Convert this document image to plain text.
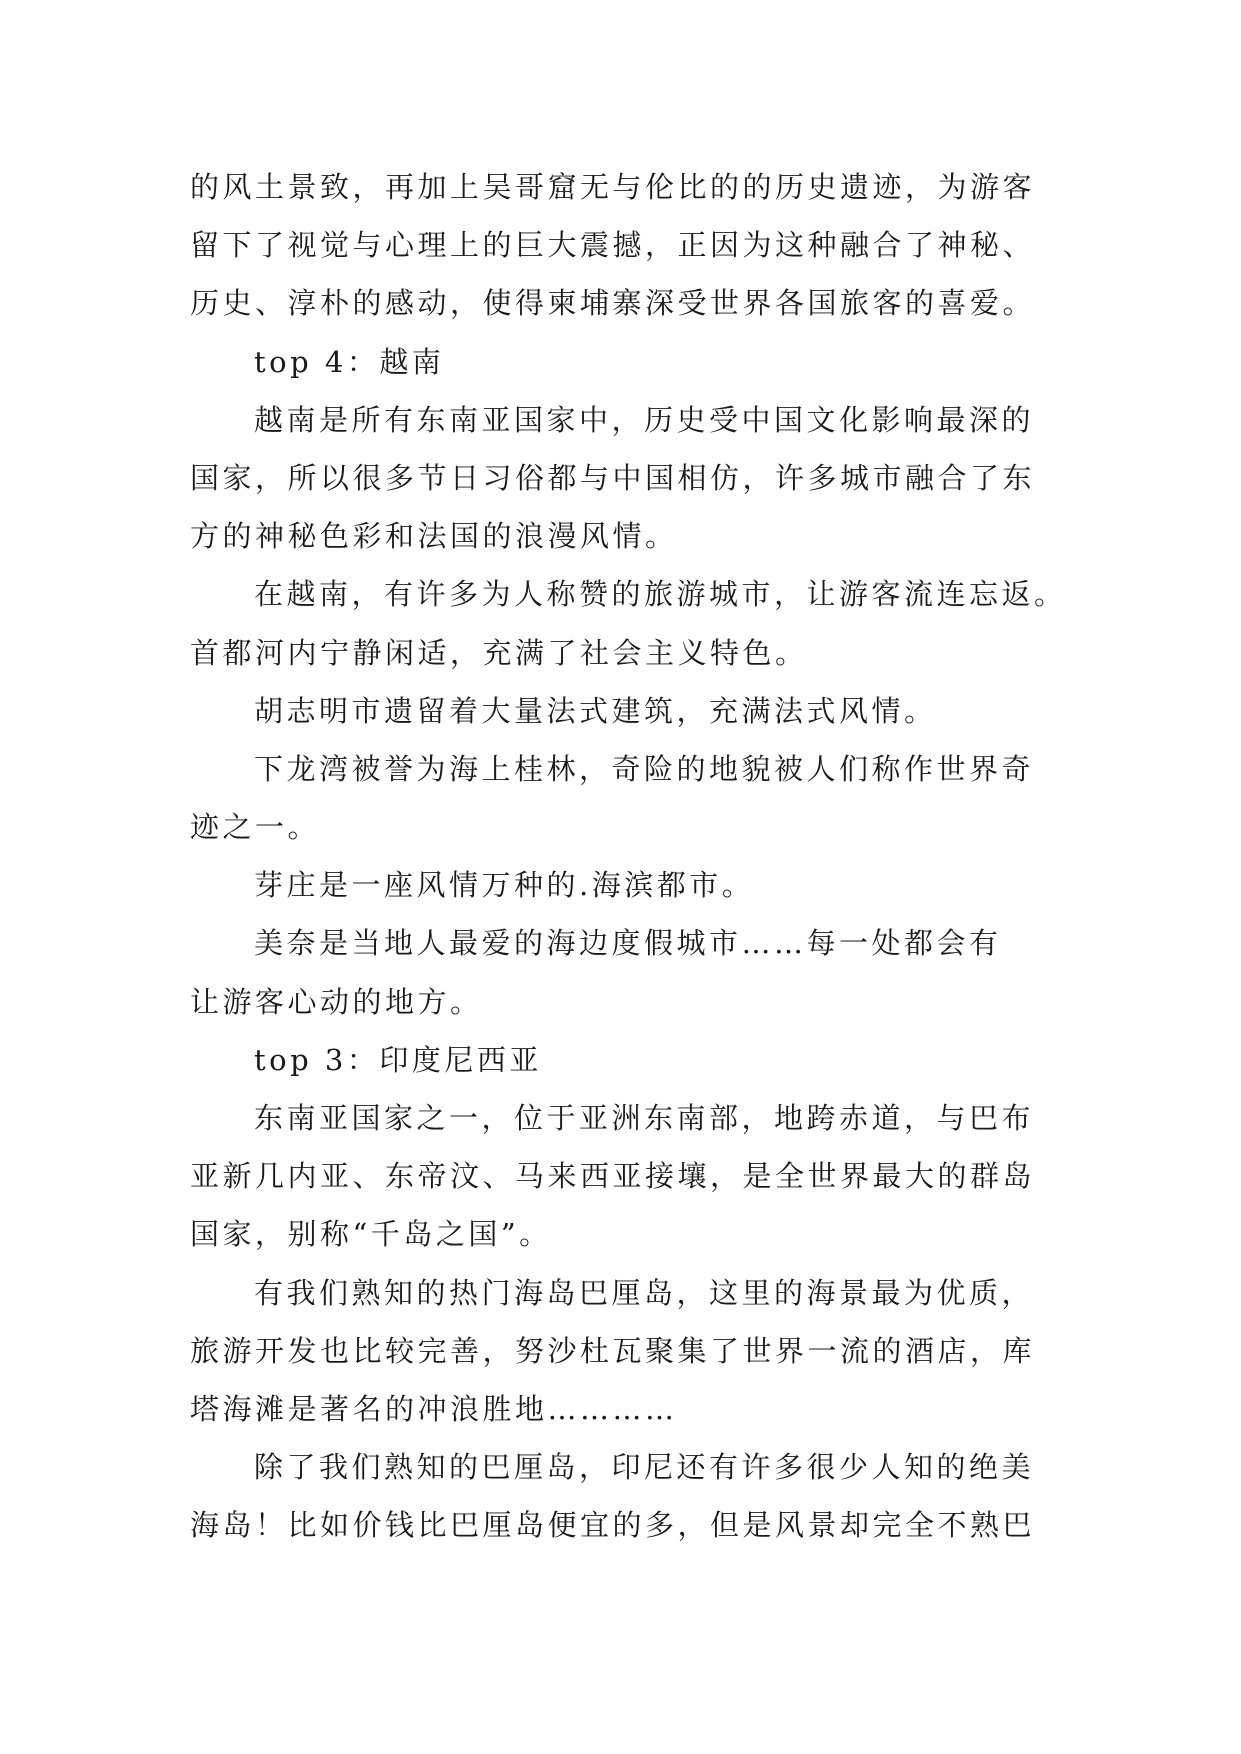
的风土景致，再加上吴哥窟无与伦比的的历史遗迹，为游客

留下了视觉与心理上的巨大震撼，正因为这种融合了神秘、

历史、淳朴的感动，使得柬埔寨深受世界各国旅客的喜爱。

top 4：越南

越南是所有东南亚国家中，历史受中国文化影响最深的

国家，所以很多节日习俗都与中国相仿，许多城市融合了东

方的神秘色彩和法国的浪漫风情。

在越南，有许多为人称赞的旅游城市，让游客流连忘返。

首都河内宁静闲适，充满了社会主义特色。

胡志明市遗留着大量法式建筑，充满法式风情。

下龙湾被誉为海上桂林，奇险的地貌被人们称作世界奇

迹之一。

芽庄是一座风情万种的.海滨都市。

美奈是当地人最爱的海边度假城市……每一处都会有

让游客心动的地方。

top 3：印度尼西亚

东南亚国家之一，位于亚洲东南部，地跨赤道，与巴布

亚新几内亚、东帝汶、马来西亚接壤，是全世界最大的群岛

国家，别称“千岛之国”。

有我们熟知的热门海岛巴厘岛，这里的海景最为优质，

旅游开发也比较完善，努沙杜瓦聚集了世界一流的酒店，库

塔海滩是著名的冲浪胜地…………

除了我们熟知的巴厘岛，印尼还有许多很少人知的绝美

海岛！比如价钱比巴厘岛便宜的多，但是风景却完全不熟巴
